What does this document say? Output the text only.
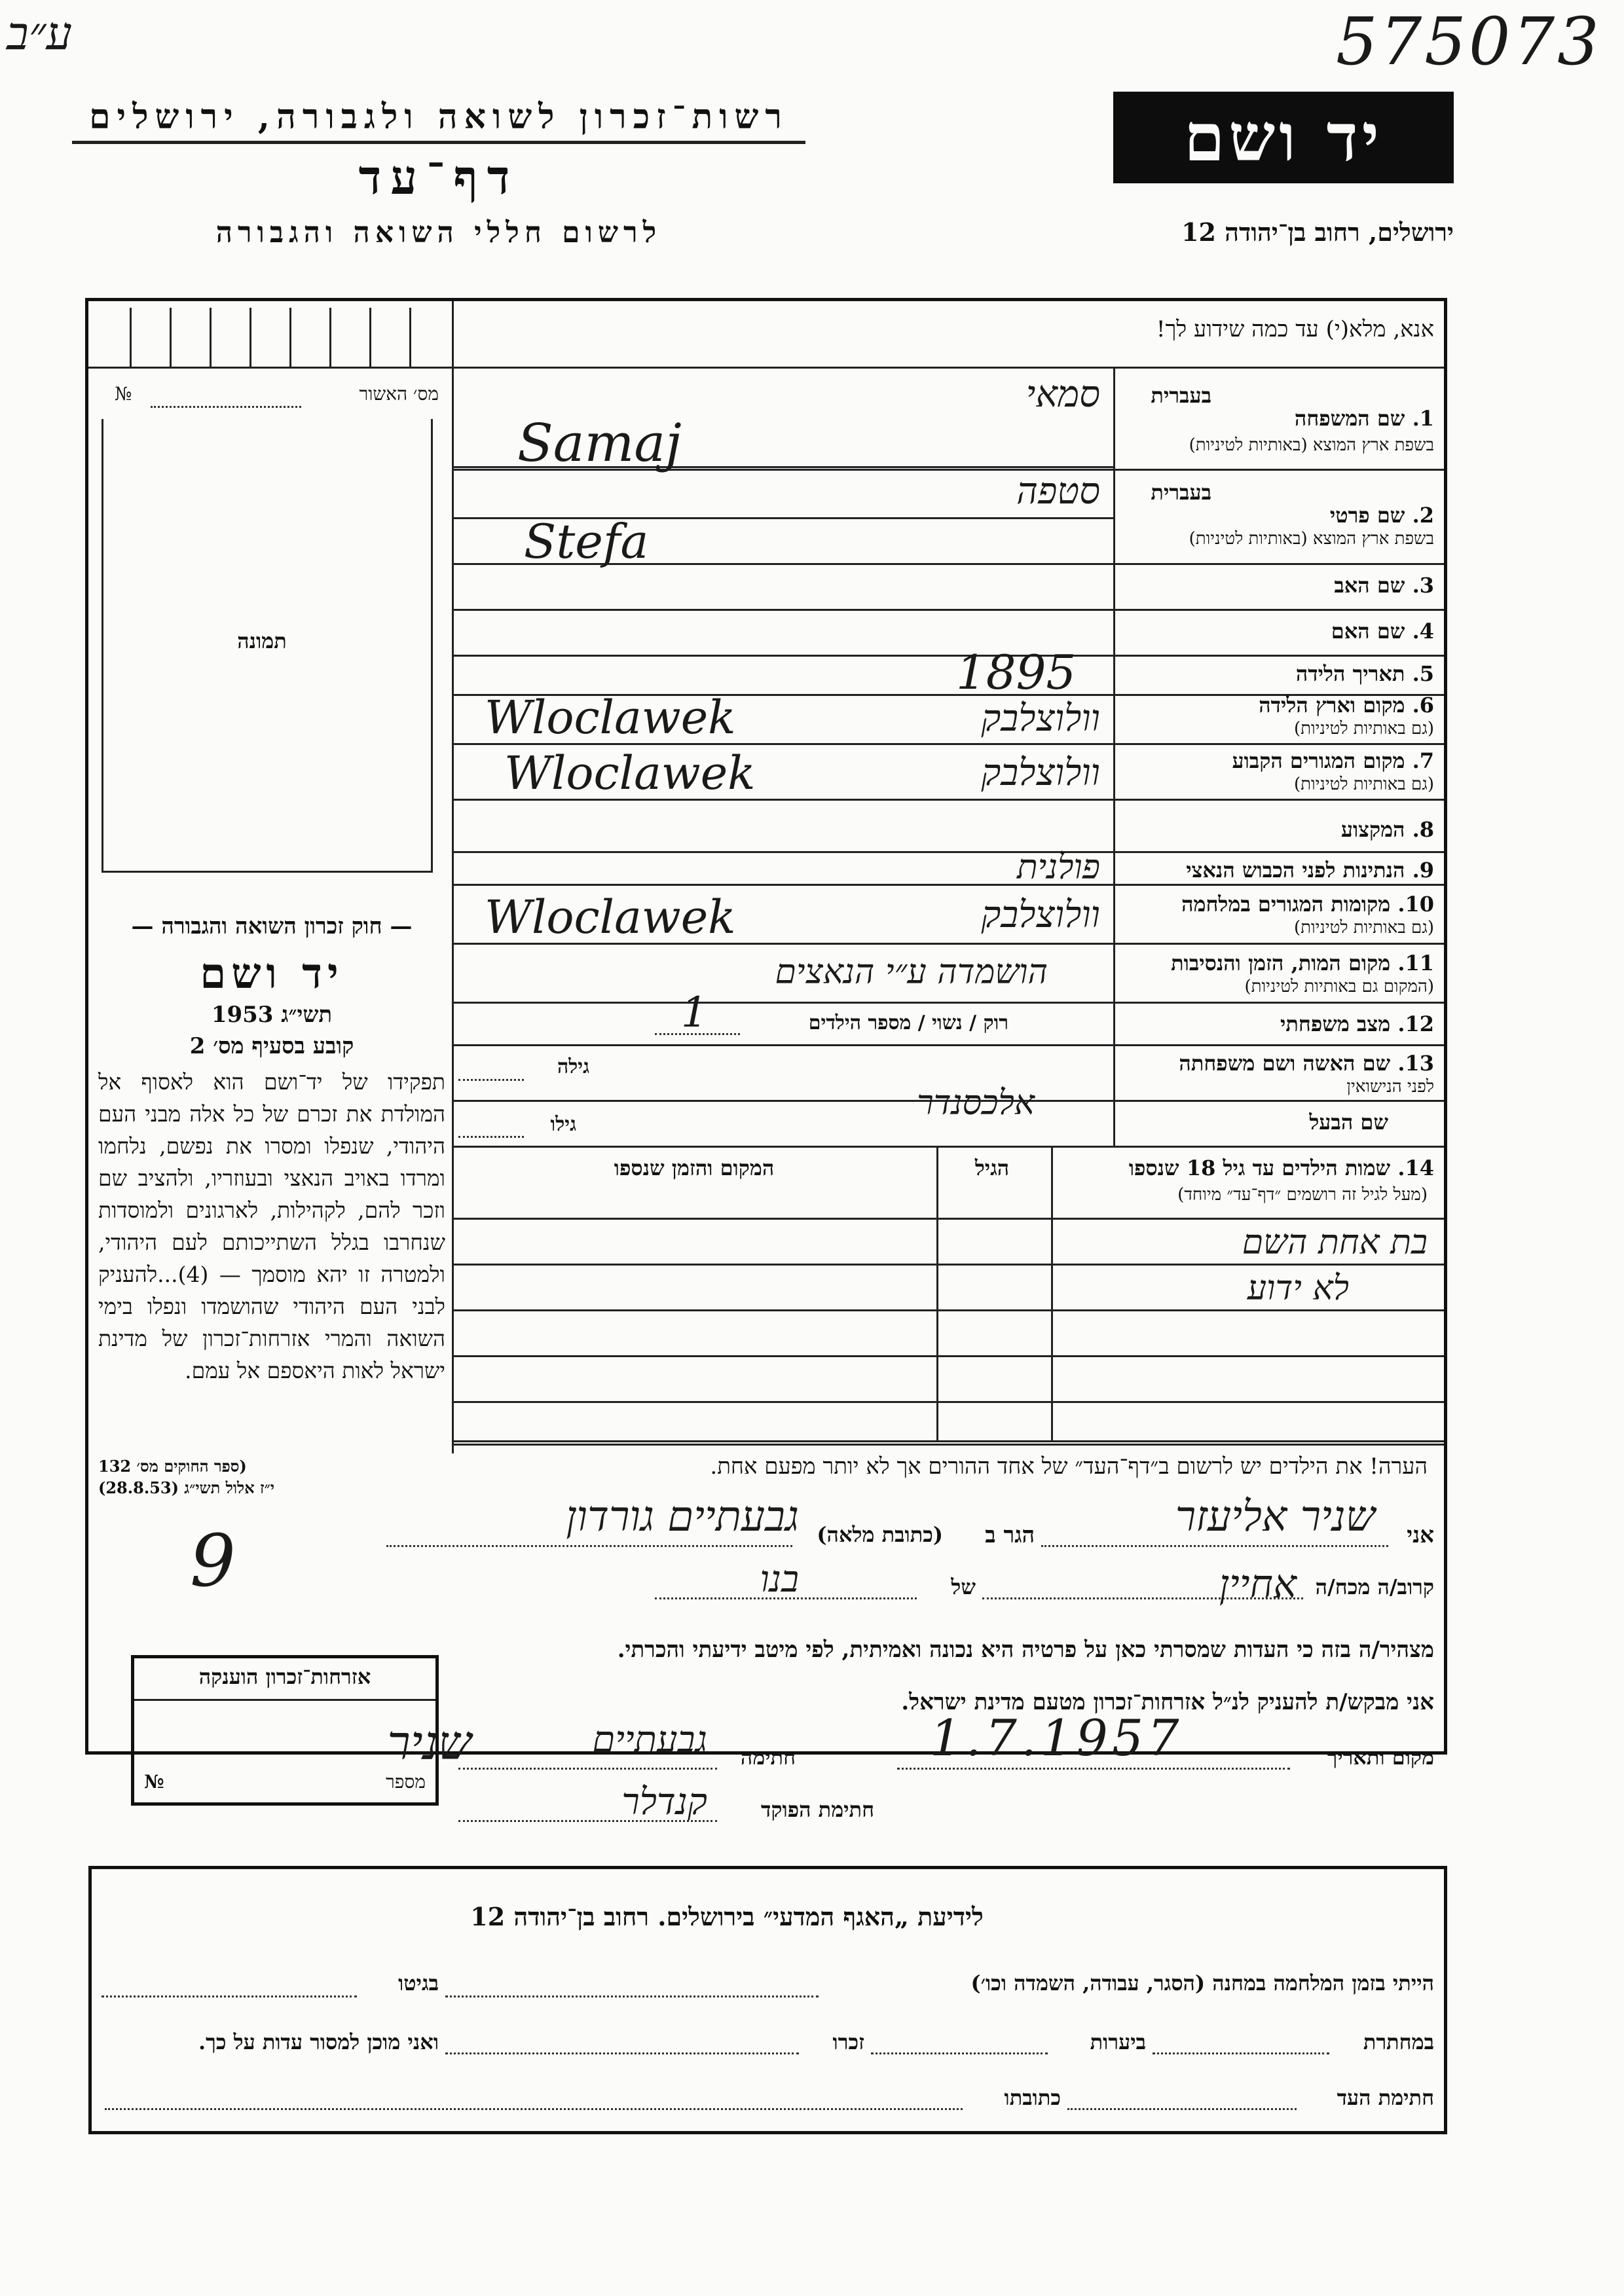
ע״ב	575073
רשות־זכרון לשואה ולגבורה, ירושלים
דף־עד
לרשום חללי השואה והגבורה
יד ושם
ירושלים, רחוב בן־יהודה 12
אנא, מלא(י) עד כמה שידוע לך!
מס׳ האשור
№
תמונה
— חוק זכרון השואה והגבורה —
יד ושם
תשי״ג 1953
קובע בסעיף מס׳ 2
תפקידו של יד־ושם הוא לאסוף אל המולדת את זכרם של כל אלה מבני העם היהודי, שנפלו ומסרו את נפשם, נלחמו ומרדו באויב הנאצי ובעוזריו, ולהציב שם וזכר להם, לקהילות, לארגונים ולמוסדות שנחרבו בגלל השתייכותם לעם היהודי, ולמטרה זו יהא מוסמך — (4)...להעניק לבני העם היהודי שהושמדו ונפלו בימי השואה והמרי אזרחות־זכרון של מדינת ישראל לאות היאספם אל עמם.
(ספר החוקים מס׳ 132
י״ז אלול תשי״ג (28.8.53)
בעברית
1. שם המשפחה
בשפת ארץ המוצא (באותיות לטיניות)
סמאי
Samaj
בעברית
2. שם פרטי
בשפת ארץ המוצא (באותיות לטיניות)
סטפה
Stefa
3. שם האב
4. שם האם
5. תאריך הלידה
1895
6. מקום וארץ הלידה
(גם באותיות לטיניות)
וולוצלבק
Wloclawek
7. מקום המגורים הקבוע
(גם באותיות לטיניות)
וולוצלבק
Wloclawek
8. המקצוע
9. הנתינות לפני הכבוש הנאצי
פולנית
10. מקומות המגורים במלחמה
(גם באותיות לטיניות)
וולוצלבק
Wloclawek
11. מקום המות, הזמן והנסיבות
(המקום גם באותיות לטיניות)
הושמדה ע״י הנאצים
12. מצב משפחתי
רוק / נשוי / מספר הילדים
1
13. שם האשה ושם משפחתה
לפני הנישואין
גילה
שם הבעל
אלכסנדר
גילו
14. שמות הילדים עד גיל 18 שנספו
(מעל לגיל זה רושמים ״דף־עד״ מיוחד)
הגיל
המקום והזמן שנספו
בת אחת השם
לא ידוע
הערה! את הילדים יש לרשום ב״דף־העד״ של אחד ההורים אך לא יותר מפעם אחת.
אני
שניר אליעזר
הגר ב
(כתובת מלאה)
גבעתיים גורדון
9	קרוב/ה מכח/ה
אחיין
של
בנו
מצהיר/ה בזה כי העדות שמסרתי כאן על פרטיה היא נכונה ואמיתית, לפי מיטב ידיעתי והכרתי.
אני מבקש/ת להעניק לנ״ל אזרחות־זכרון מטעם מדינת ישראל.
מקום ותאריך
1.7.1957
חתימה
גבעתיים
שניר
חתימת הפוקד
קנדלר
אזרחות־זכרון הוענקה
מספר
№
לידיעת „האגף המדעי״ בירושלים. רחוב בן־יהודה 12
הייתי בזמן המלחמה במחנה (הסגר, עבודה, השמדה וכו׳)
בגיטו
במחתרת
ביערות
זכרו
ואני מוכן למסור עדות על כך.
חתימת העד
כתובתו
